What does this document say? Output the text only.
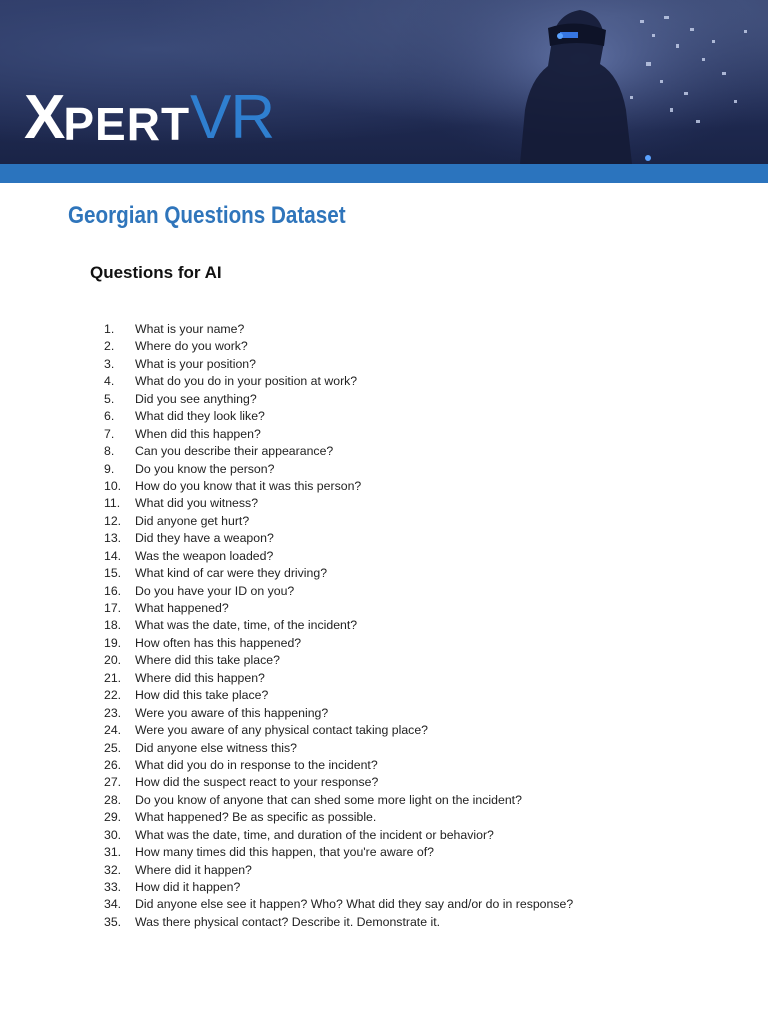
XPERTVR
Georgian Questions Dataset
Questions for AI
1.	What is your name?
2.	Where do you work?
3.	What is your position?
4.	What do you do in your position at work?
5.	Did you see anything?
6.	What did they look like?
7.	When did this happen?
8.	Can you describe their appearance?
9.	Do you know the person?
10.	How do you know that it was this person?
11.	What did you witness?
12.	Did anyone get hurt?
13.	Did they have a weapon?
14.	Was the weapon loaded?
15.	What kind of car were they driving?
16.	Do you have your ID on you?
17.	What happened?
18.	What was the date, time, of the incident?
19.	How often has this happened?
20.	Where did this take place?
21.	Where did this happen?
22.	How did this take place?
23.	Were you aware of this happening?
24.	Were you aware of any physical contact taking place?
25.	Did anyone else witness this?
26.	What did you do in response to the incident?
27.	How did the suspect react to your response?
28.	Do you know of anyone that can shed some more light on the incident?
29.	What happened? Be as specific as possible.
30.	What was the date, time, and duration of the incident or behavior?
31.	How many times did this happen, that you're aware of?
32.	Where did it happen?
33.	How did it happen?
34.	Did anyone else see it happen? Who? What did they say and/or do in response?
35.	Was there physical contact? Describe it. Demonstrate it.
